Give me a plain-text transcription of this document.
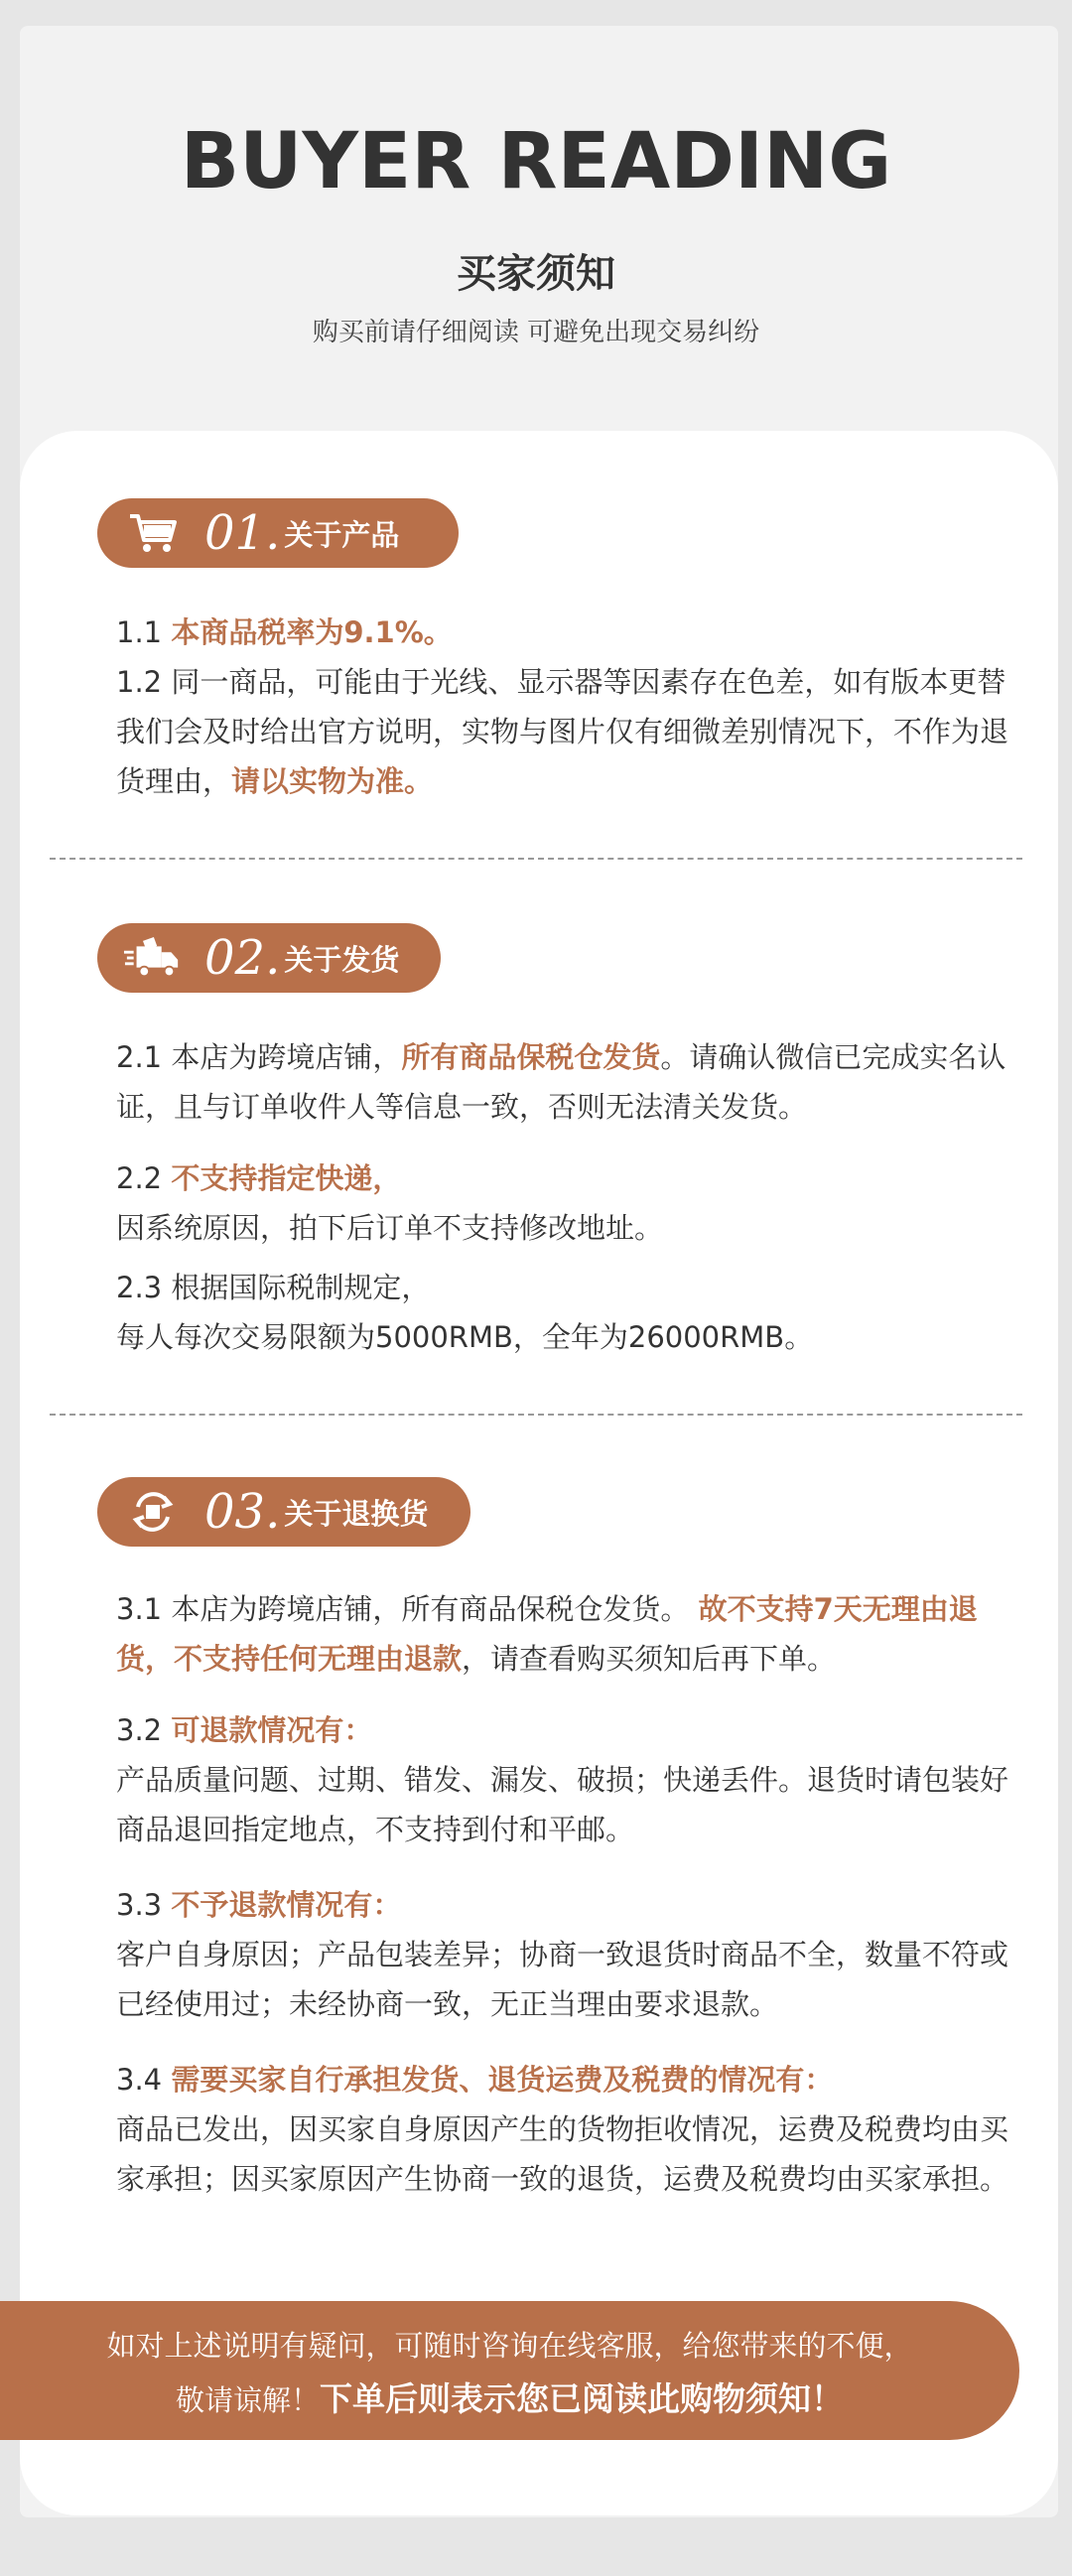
BUYER READING
买家须知
购买前请仔细阅读 可避免出现交易纠纷
01. 关于产品
1.1 本商品税率为9.1%。
1.2 同一商品，可能由于光线、显示器等因素存在色差，如有版本更替我们会及时给出官方说明，实物与图片仅有细微差别情况下，不作为退货理由，请以实物为准。
02. 关于发货
2.1 本店为跨境店铺，所有商品保税仓发货。请确认微信已完成实名认证，且与订单收件人等信息一致，否则无法清关发货。
2.2 不支持指定快递，
因系统原因，拍下后订单不支持修改地址。
2.3 根据国际税制规定，
每人每次交易限额为5000RMB，全年为26000RMB。
03. 关于退换货
3.1 本店为跨境店铺，所有商品保税仓发货。 故不支持7天无理由退货，不支持任何无理由退款，请查看购买须知后再下单。
3.2 可退款情况有：
产品质量问题、过期、错发、漏发、破损；快递丢件。退货时请包装好商品退回指定地点，不支持到付和平邮。
3.3 不予退款情况有：
客户自身原因；产品包装差异；协商一致退货时商品不全，数量不符或已经使用过；未经协商一致，无正当理由要求退款。
3.4 需要买家自行承担发货、退货运费及税费的情况有：
商品已发出，因买家自身原因产生的货物拒收情况，运费及税费均由买家承担；因买家原因产生协商一致的退货，运费及税费均由买家承担。
如对上述说明有疑问，可随时咨询在线客服，给您带来的不便，
敬请谅解！下单后则表示您已阅读此购物须知！
